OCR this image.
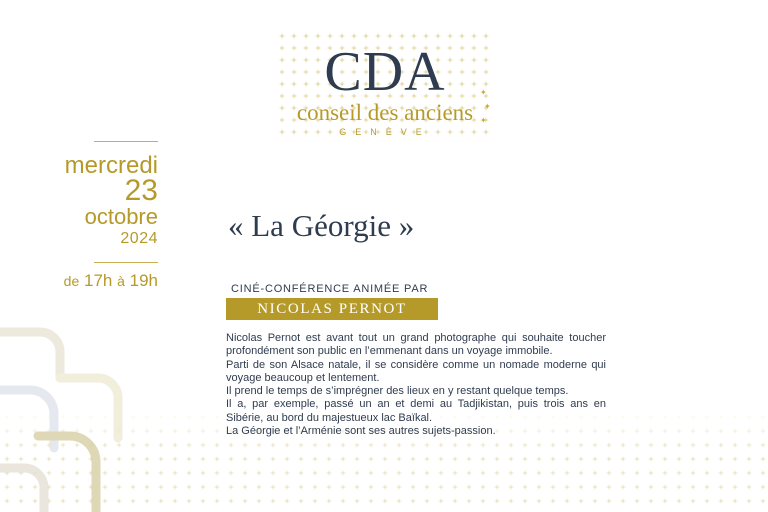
CDA
conseil des anciens
GENÈVE
✦
✦
✦
mercredi
23
octobre
2024
de 17h à 19h
« La Géorgie »
CINÉ-CONFÉRENCE ANIMÉE PAR
NICOLAS PERNOT

Nicolas Pernot est avant tout un grand photographe qui souhaite toucher profondément son public en l’emmenant dans un voyage immobile.

Parti de son Alsace natale, il se considère comme un nomade moderne qui voyage beaucoup et lentement.

Il prend le temps de s’imprégner des lieux en y restant quelque temps.

Il a, par exemple, passé un an et demi au Tadjikistan, puis trois ans en Sibérie, au bord du majestueux lac Baïkal.

La Géorgie et l’Arménie sont ses autres sujets-passion.
